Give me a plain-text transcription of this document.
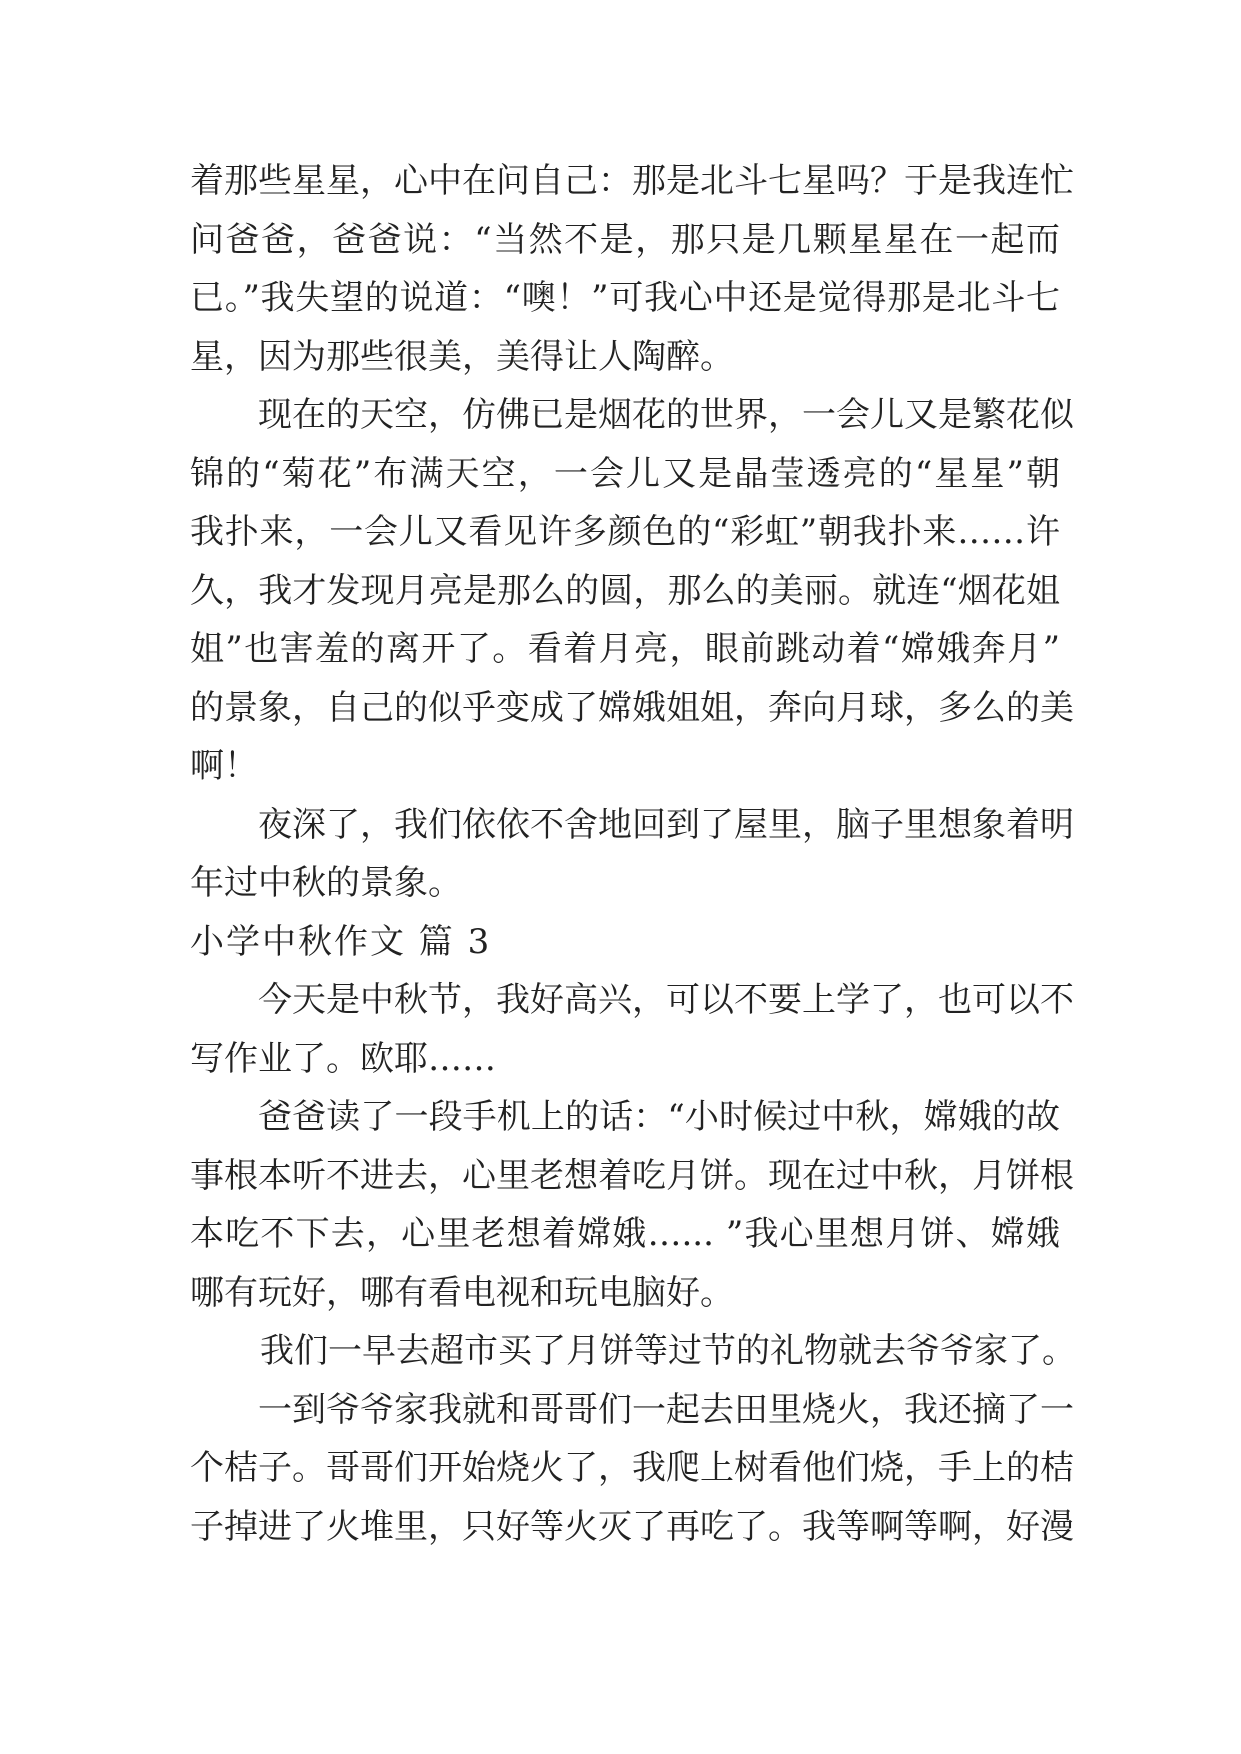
着那些星星，心中在问自己：那是北斗七星吗？于是我连忙
问爸爸，爸爸说：“当然不是，那只是几颗星星在一起而
已。”我失望的说道：“噢！”可我心中还是觉得那是北斗七
星，因为那些很美，美得让人陶醉。
现在的天空，仿佛已是烟花的世界，一会儿又是繁花似
锦的“菊花”布满天空，一会儿又是晶莹透亮的“星星”朝
我扑来，一会儿又看见许多颜色的“彩虹”朝我扑来……许
久，我才发现月亮是那么的圆，那么的美丽。就连“烟花姐
姐”也害羞的离开了。看着月亮，眼前跳动着“嫦娥奔月”
的景象，自己的似乎变成了嫦娥姐姐，奔向月球，多么的美
啊！
夜深了，我们依依不舍地回到了屋里，脑子里想象着明
年过中秋的景象。
小学中秋作文 篇 3
今天是中秋节，我好高兴，可以不要上学了，也可以不
写作业了。欧耶……
爸爸读了一段手机上的话：“小时候过中秋，嫦娥的故
事根本听不进去，心里老想着吃月饼。现在过中秋，月饼根
本吃不下去，心里老想着嫦娥…... ”我心里想月饼、嫦娥
哪有玩好，哪有看电视和玩电脑好。
我们一早去超市买了月饼等过节的礼物就去爷爷家了。
一到爷爷家我就和哥哥们一起去田里烧火，我还摘了一
个桔子。哥哥们开始烧火了，我爬上树看他们烧，手上的桔
子掉进了火堆里，只好等火灭了再吃了。我等啊等啊，好漫
